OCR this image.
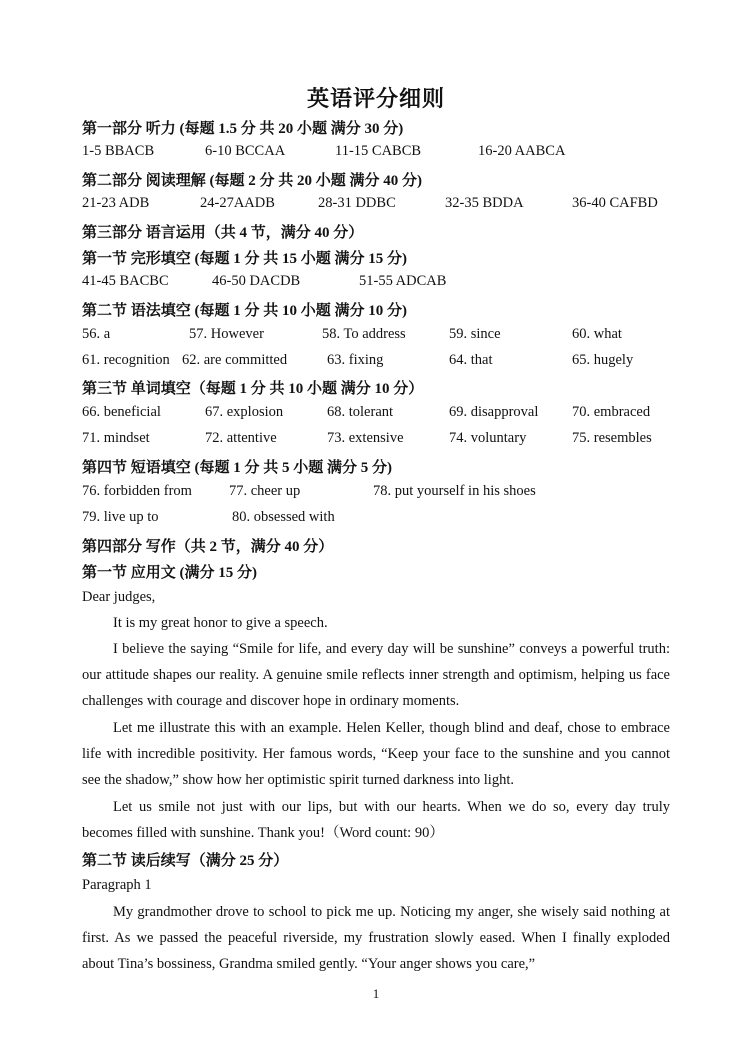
英语评分细则
第一部分 听力 (每题 1.5 分 共 20 小题 满分 30 分)
1-5 BBACB	6-10 BCCAA	11-15 CABCB	16-20 AABCA
第二部分 阅读理解 (每题 2 分 共 20 小题 满分 40 分)
21-23 ADB	24-27AADB	28-31 DDBC	32-35 BDDA	36-40 CAFBD
第三部分 语言运用（共 4 节，满分 40 分）
第一节 完形填空 (每题 1 分 共 15 小题 满分 15 分)
41-45 BACBC	46-50 DACDB	51-55 ADCAB
第二节 语法填空 (每题 1 分 共 10 小题 满分 10 分)
56. a	57. However	58. To address	59. since	60. what
61. recognition 62. are committed	63. fixing	64. that	65. hugely
第三节 单词填空（每题 1 分 共 10 小题 满分 10 分）
66. beneficial	67. explosion	68. tolerant	69. disapproval 70. embraced
71. mindset	72. attentive	73. extensive	74. voluntary	75. resembles
第四节 短语填空 (每题 1 分 共 5 小题 满分 5 分)
76. forbidden from	77. cheer up	78. put yourself in his shoes
79. live up to	80. obsessed with
第四部分 写作（共 2 节，满分 40 分）
第一节 应用文 (满分 15 分)
Dear judges,
It is my great honor to give a speech.
I believe the saying “Smile for life, and every day will be sunshine” conveys a powerful truth: our attitude shapes our reality. A genuine smile reflects inner strength and optimism, helping us face challenges with courage and discover hope in ordinary moments.
Let me illustrate this with an example. Helen Keller, though blind and deaf, chose to embrace life with incredible positivity. Her famous words, “Keep your face to the sunshine and you cannot see the shadow,” show how her optimistic spirit turned darkness into light.
Let us smile not just with our lips, but with our hearts. When we do so, every day truly becomes filled with sunshine. Thank you!（Word count: 90）
第二节 读后续写（满分 25 分）
Paragraph 1
My grandmother drove to school to pick me up. Noticing my anger, she wisely said nothing at first. As we passed the peaceful riverside, my frustration slowly eased. When I finally exploded about Tina’s bossiness, Grandma smiled gently. “Your anger shows you care,”
1
